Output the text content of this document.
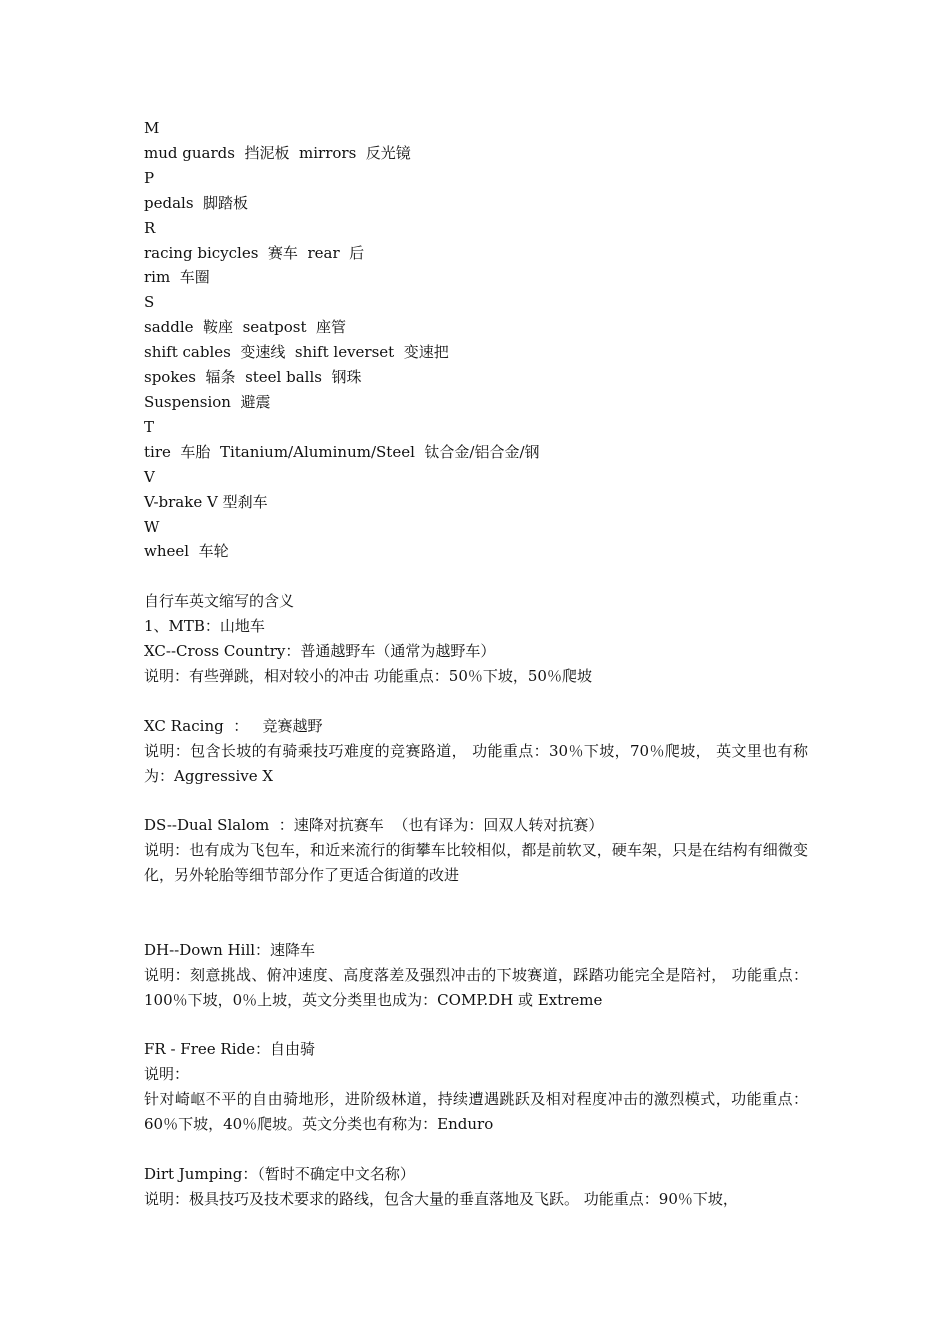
M

mud guards  挡泥板  mirrors  反光镜

P

pedals  脚踏板

R

racing bicycles  赛车  rear  后

rim  车圈

S

saddle  鞍座  seatpost  座管

shift cables  变速线  shift leverset  变速把

spokes  辐条  steel balls  钢珠

Suspension  避震

T

tire  车胎  Titanium/Aluminum/Steel  钛合金/铝合金/钢

V

V-brake V 型刹车

W

wheel  车轮

自行车英文缩写的含义

1、MTB：山地车

XC--Cross Country：普通越野车（通常为越野车）

说明：有些弹跳，相对较小的冲击 功能重点：50％下坡，50％爬坡

XC Racing  ：   竞赛越野

说明：包含长坡的有骑乘技巧难度的竞赛路道， 功能重点：30％下坡，70％爬坡， 英文里也有称为：Aggressive X

DS--Dual Slalom  ：速降对抗赛车  （也有译为：回双人转对抗赛）

说明：也有成为飞包车，和近来流行的街攀车比较相似，都是前软叉，硬车架，只是在结构有细微变化，另外轮胎等细节部分作了更适合街道的改进

DH--Down Hill：速降车

说明：刻意挑战、俯冲速度、高度落差及强烈冲击的下坡赛道，踩踏功能完全是陪衬， 功能重点：100％下坡，0％上坡，英文分类里也成为：COMP.DH 或 Extreme

FR - Free Ride：自由骑

说明：

针对崎岖不平的自由骑地形，进阶级林道，持续遭遇跳跃及相对程度冲击的激烈模式，功能重点：60％下坡，40％爬坡。英文分类也有称为：Enduro

Dirt Jumping：（暂时不确定中文名称）

说明：极具技巧及技术要求的路线，包含大量的垂直落地及飞跃。 功能重点：90％下坡，
